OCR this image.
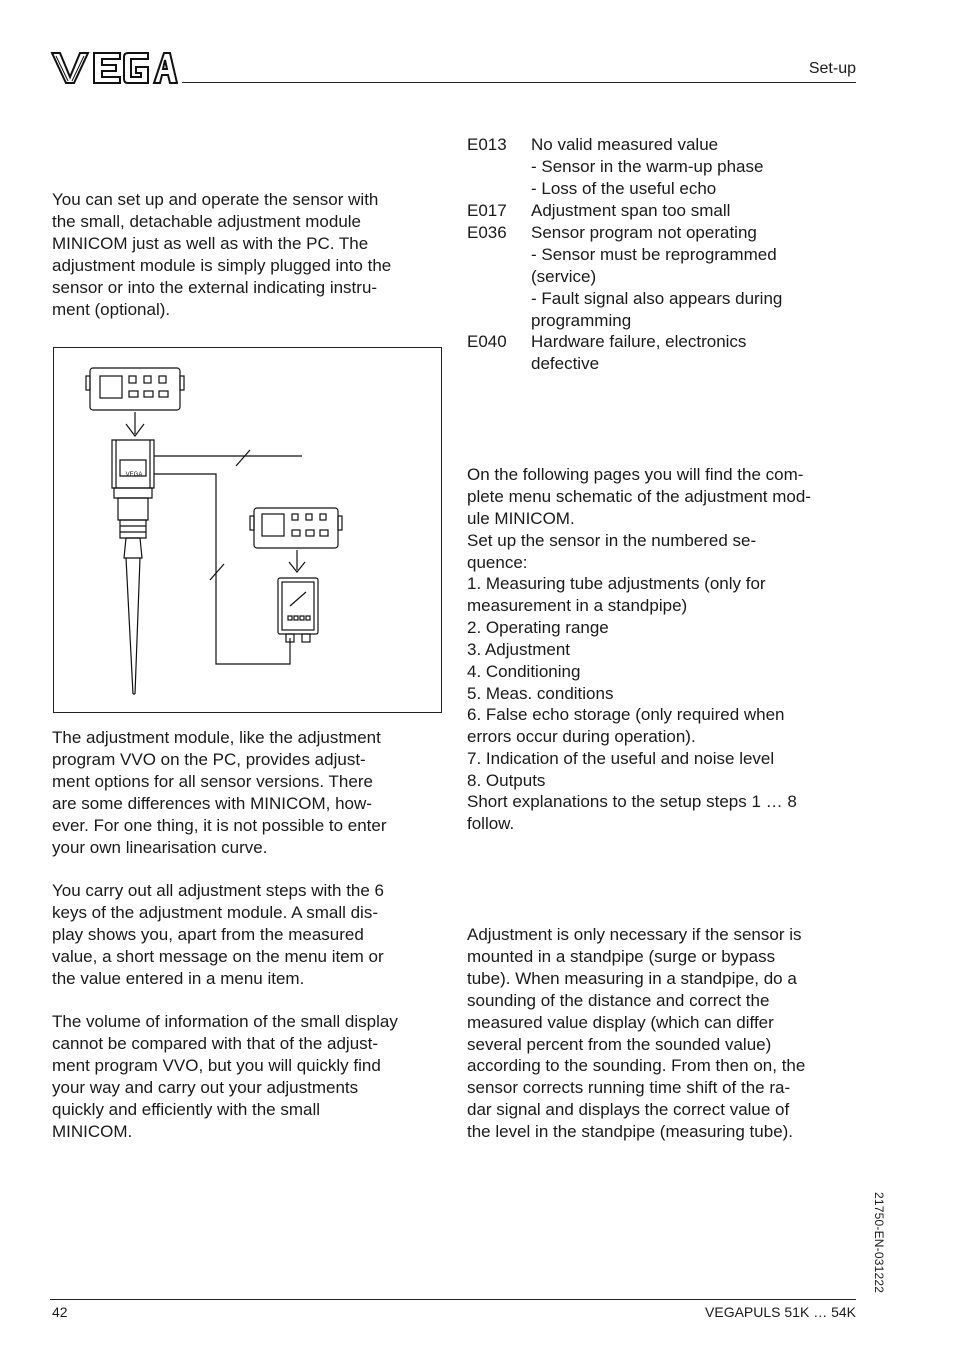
Set-up

You can set up and operate the sensor with
the small, detachable adjustment module
MINICOM just as well as with the PC. The
adjustment module is simply plugged into the
sensor or into the external indicating instru-
ment (optional).

VEGA

The adjustment module, like the adjustment
program VVO on the PC, provides adjust-
ment options for all sensor versions. There
are some differences with MINICOM, how-
ever. For one thing, it is not possible to enter
your own linearisation curve.

You carry out all adjustment steps with the 6
keys of the adjustment module. A small dis-
play shows you, apart from the measured
value, a short message on the menu item or
the value entered in a menu item.

The volume of information of the small display
cannot be compared with that of the adjust-
ment program VVO, but you will quickly find
your way and carry out your adjustments
quickly and efficiently with the small
MINICOM.

E013	No valid measured value
- Sensor in the warm-up phase
- Loss of the useful echo
E017	Adjustment span too small
E036	Sensor program not operating
- Sensor must be reprogrammed
(service)
- Fault signal also appears during
programming
E040	Hardware failure, electronics
defective

On the following pages you will find the com-
plete menu schematic of the adjustment mod-
ule MINICOM.
Set up the sensor in the numbered se-
quence:

1. Measuring tube adjustments (only for
measurement in a standpipe)
2. Operating range
3. Adjustment
4. Conditioning
5. Meas. conditions
6. False echo storage (only required when
errors occur during operation).
7. Indication of the useful and noise level
8. Outputs

Short explanations to the setup steps 1 … 8
follow.

Adjustment is only necessary if the sensor is
mounted in a standpipe (surge or bypass
tube). When measuring in a standpipe, do a
sounding of the distance and correct the
measured value display (which can differ
several percent from the sounded value)
according to the sounding. From then on, the
sensor corrects running time shift of the ra-
dar signal and displays the correct value of
the level in the standpipe (measuring tube).

21750-EN-031222
42	VEGAPULS 51K … 54K
